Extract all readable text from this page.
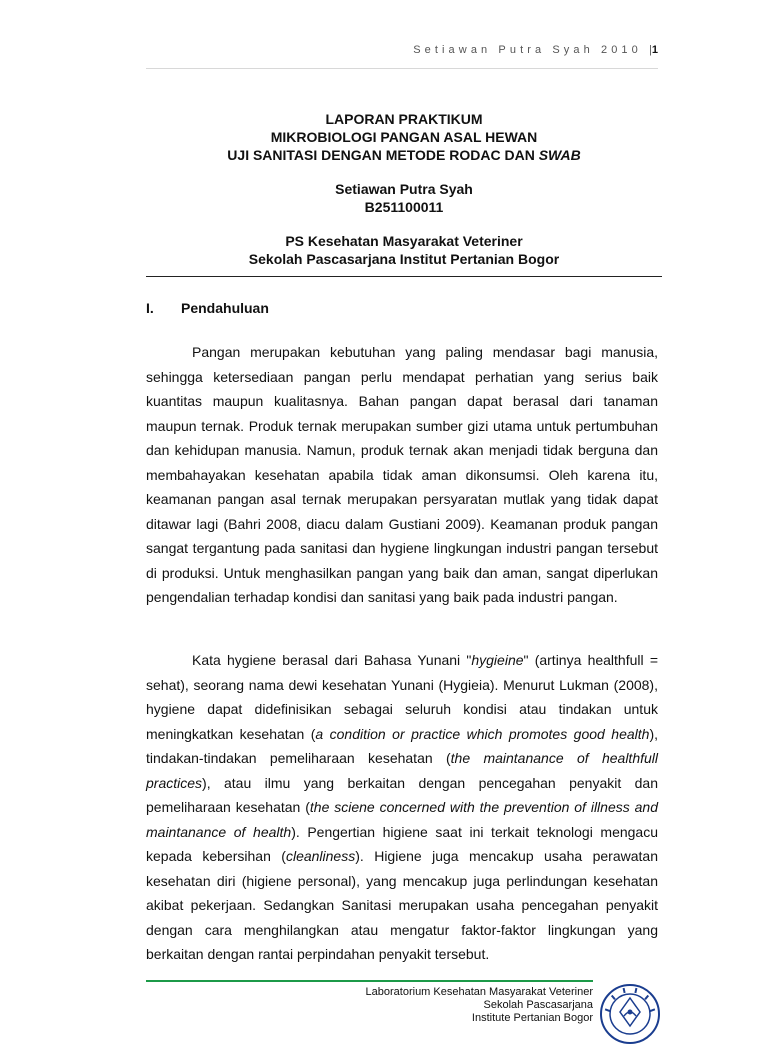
Setiawan Putra Syah 2010 |1
LAPORAN PRAKTIKUM
MIKROBIOLOGI PANGAN ASAL HEWAN
UJI SANITASI DENGAN METODE RODAC DAN SWAB
Setiawan Putra Syah
B251100011
PS Kesehatan Masyarakat Veteriner
Sekolah Pascasarjana Institut Pertanian Bogor
I. Pendahuluan

Pangan merupakan kebutuhan yang paling mendasar bagi manusia, sehingga ketersediaan pangan perlu mendapat perhatian yang serius baik kuantitas maupun kualitasnya. Bahan pangan dapat berasal dari tanaman maupun ternak. Produk ternak merupakan sumber gizi utama untuk pertumbuhan dan kehidupan manusia. Namun, produk ternak akan menjadi tidak berguna dan membahayakan kesehatan apabila tidak aman dikonsumsi. Oleh karena itu, keamanan pangan asal ternak merupakan persyaratan mutlak yang tidak dapat ditawar lagi (Bahri 2008, diacu dalam Gustiani 2009). Keamanan produk pangan sangat tergantung pada sanitasi dan hygiene lingkungan industri pangan tersebut di produksi. Untuk menghasilkan pangan yang baik dan aman, sangat diperlukan pengendalian terhadap kondisi dan sanitasi yang baik pada industri pangan.

Kata hygiene berasal dari Bahasa Yunani "hygieine" (artinya healthfull = sehat), seorang nama dewi kesehatan Yunani (Hygieia). Menurut Lukman (2008), hygiene dapat didefinisikan sebagai seluruh kondisi atau tindakan untuk meningkatkan kesehatan (a condition or practice which promotes good health), tindakan-tindakan pemeliharaan kesehatan (the maintanance of healthfull practices), atau ilmu yang berkaitan dengan pencegahan penyakit dan pemeliharaan kesehatan (the sciene concerned with the prevention of illness and maintanance of health). Pengertian higiene saat ini terkait teknologi mengacu kepada kebersihan (cleanliness). Higiene juga mencakup usaha perawatan kesehatan diri (higiene personal), yang mencakup juga perlindungan kesehatan akibat pekerjaan. Sedangkan Sanitasi merupakan usaha pencegahan penyakit dengan cara menghilangkan atau mengatur faktor-faktor lingkungan yang berkaitan dengan rantai perpindahan penyakit tersebut.

Laboratorium Kesehatan Masyarakat Veteriner
Sekolah Pascasarjana
Institute Pertanian Bogor
